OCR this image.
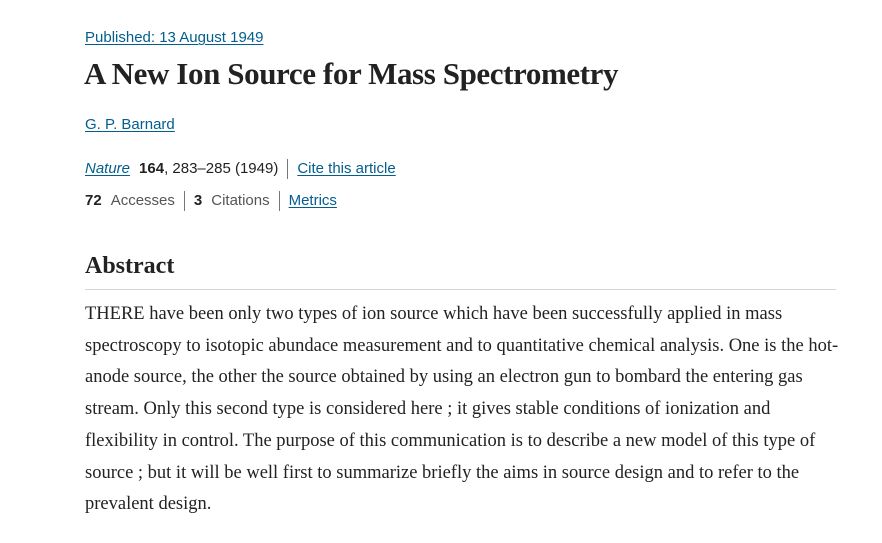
Published: 13 August 1949
A New Ion Source for Mass Spectrometry
G. P. Barnard
Nature 164 , 283–285 (1949) Cite this article
72 Accesses 3 Citations Metrics
Abstract

THERE have been only two types of ion source which have been successfully applied in mass spectroscopy to isotopic abundace measurement and to quantitative chemical analysis. One is the hot-anode source, the other the source obtained by using an electron gun to bombard the entering gas stream. Only this second type is considered here ; it gives stable conditions of ionization and flexibility in control. The purpose of this communication is to describe a new model of this type of source ; but it will be well first to summarize briefly the aims in source design and to refer to the prevalent design.
